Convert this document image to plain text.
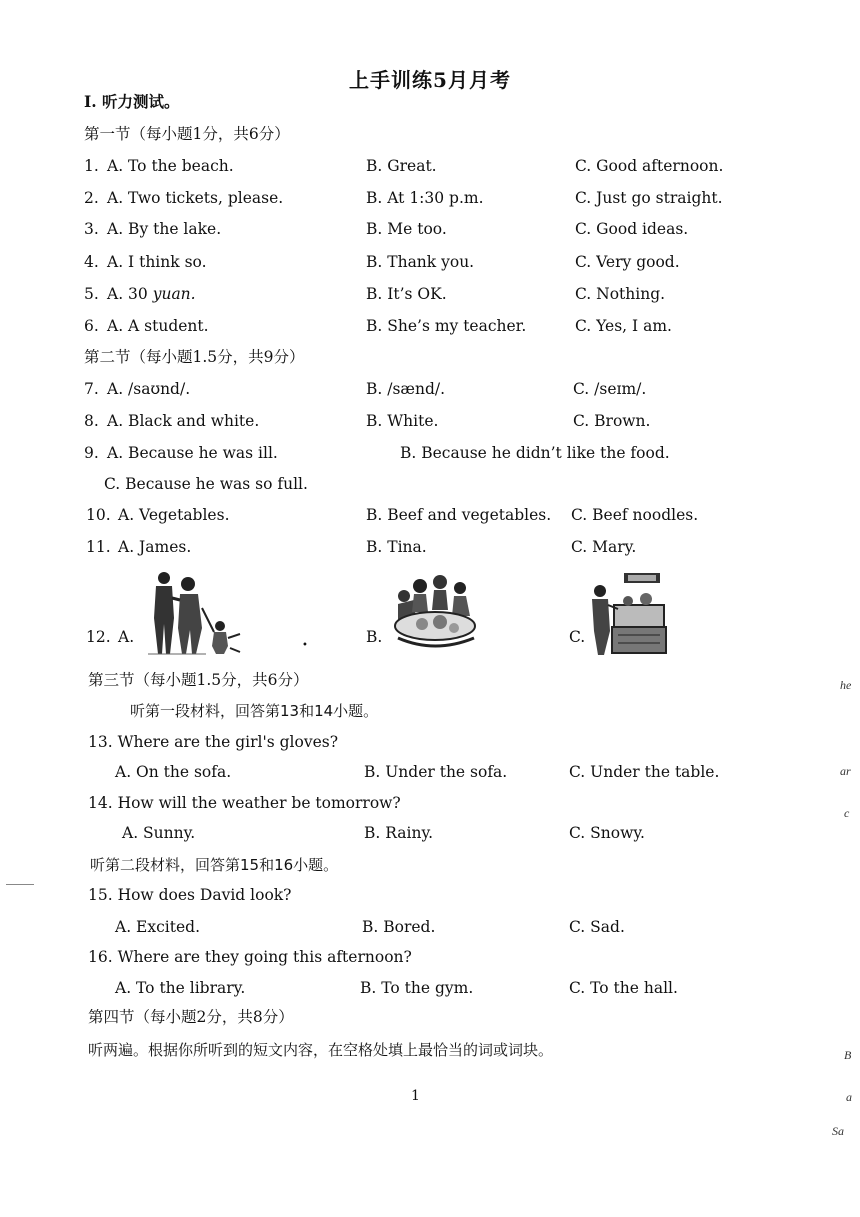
上手训练5月月考
I. 听力测试。
第一节（每小题1分，共6分）
1. A. To the beach.	B. Great.	C. Good afternoon.
2. A. Two tickets, please.	B. At 1:30 p.m.	C. Just go straight.
3. A. By the lake.	B. Me too.	C. Good ideas.
4. A. I think so.	B. Thank you.	C. Very good.
5. A. 30 yuan.	B. It’s OK.	C. Nothing.
6. A. A student.	B. She’s my teacher.	C. Yes, I am.
第二节（每小题1.5分，共9分）
7. A. /saʊnd/.	B. /sænd/.	C. /seɪm/.
8. A. Black and white.	B. White.	C. Brown.
9. A. Because he was ill.	B. Because he didn’t like the food.
C. Because he was so full.
10. A. Vegetables.	B. Beef and vegetables. C. Beef noodles.
11. A. James.	B. Tina.	C. Mary.
12. A.	•	B.	C.
第三节（每小题1.5分，共6分）
听第一段材料，回答第13和14小题。
13. Where are the girl's gloves?
A. On the sofa.	B. Under the sofa.	C. Under the table.
14. How will the weather be tomorrow?
A. Sunny.	B. Rainy.	C. Snowy.
听第二段材料，回答第15和16小题。
15. How does David look?
A. Excited.	B. Bored.	C. Sad.
16. Where are they going this afternoon?
A. To the library.	B. To the gym.	C. To the hall.
第四节（每小题2分，共8分）
听两遍。根据你所听到的短文内容，在空格处填上最恰当的词或词块。
1
he
ar
c
B
a
Sa
